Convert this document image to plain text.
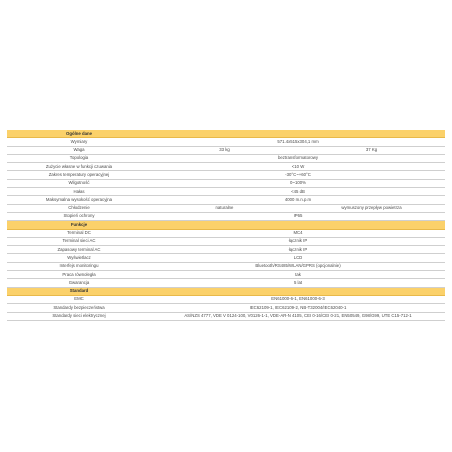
Ogólne dane		
Wymiary	571.4x515x304,1 mm	
Waga	33 kg	37 Kg
Topologia	beztransformatorowy	
Zużycie własne w funkcji czuwania	<10 W	
Zakres temperatury operacyjnej	-30°C~+60°C	
Wilgotność	0~100%	
Hałas	<45 dB	
Maksymalna wysokość operacyjna	4000 m.n.p.m	
Chłodzenie	naturalne	wymuszony przepływ powietrza
Stopień ochrony	IP65	
Funkcje		
Terminal DC	MC4	
Terminal sieci AC	łącznik IP	
Zapasowy terminal AC	łącznik IP	
Wyświetlacz	LCD	
Interfejs monitoringu	Bluetooth/RS485/WLAN/GPRS (opcjonalnie)	
Praca równoległa	tak	
Gwarancja	5 lat	
Standard		
EMC	EN61000-6-1, EN61000-6-3	
Standardy bezpieczeństwa	IEC62109-1, IEC62109-2, NB-T32004/IEC62040-1	
Standardy sieci elektrycznej	AS/NZS 4777, VDE V 0124-100, V0126-1-1, VDE-AR-N 4105, CEI 0-16/CEI 0-21, EN50549, G98/G99, UTE C15-712-1	
